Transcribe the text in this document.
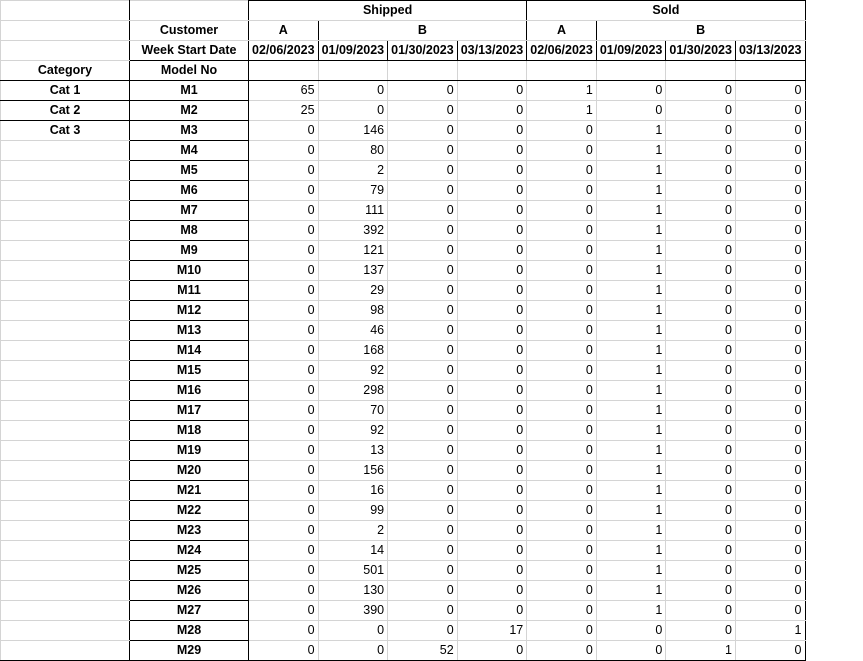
		Shipped				Sold			
	Customer	A	B			A	B		
	Week Start Date	02/06/2023	01/09/2023	01/30/2023	03/13/2023	02/06/2023	01/09/2023	01/30/2023	03/13/2023
Category	Model No								
Cat 1	M1	65	0	0	0	1	0	0	0
Cat 2	M2	25	0	0	0	1	0	0	0
Cat 3	M3	0	146	0	0	0	1	0	0
	M4	0	80	0	0	0	1	0	0
	M5	0	2	0	0	0	1	0	0
	M6	0	79	0	0	0	1	0	0
	M7	0	111	0	0	0	1	0	0
	M8	0	392	0	0	0	1	0	0
	M9	0	121	0	0	0	1	0	0
	M10	0	137	0	0	0	1	0	0
	M11	0	29	0	0	0	1	0	0
	M12	0	98	0	0	0	1	0	0
	M13	0	46	0	0	0	1	0	0
	M14	0	168	0	0	0	1	0	0
	M15	0	92	0	0	0	1	0	0
	M16	0	298	0	0	0	1	0	0
	M17	0	70	0	0	0	1	0	0
	M18	0	92	0	0	0	1	0	0
	M19	0	13	0	0	0	1	0	0
	M20	0	156	0	0	0	1	0	0
	M21	0	16	0	0	0	1	0	0
	M22	0	99	0	0	0	1	0	0
	M23	0	2	0	0	0	1	0	0
	M24	0	14	0	0	0	1	0	0
	M25	0	501	0	0	0	1	0	0
	M26	0	130	0	0	0	1	0	0
	M27	0	390	0	0	0	1	0	0
	M28	0	0	0	17	0	0	0	1
	M29	0	0	52	0	0	0	1	0
